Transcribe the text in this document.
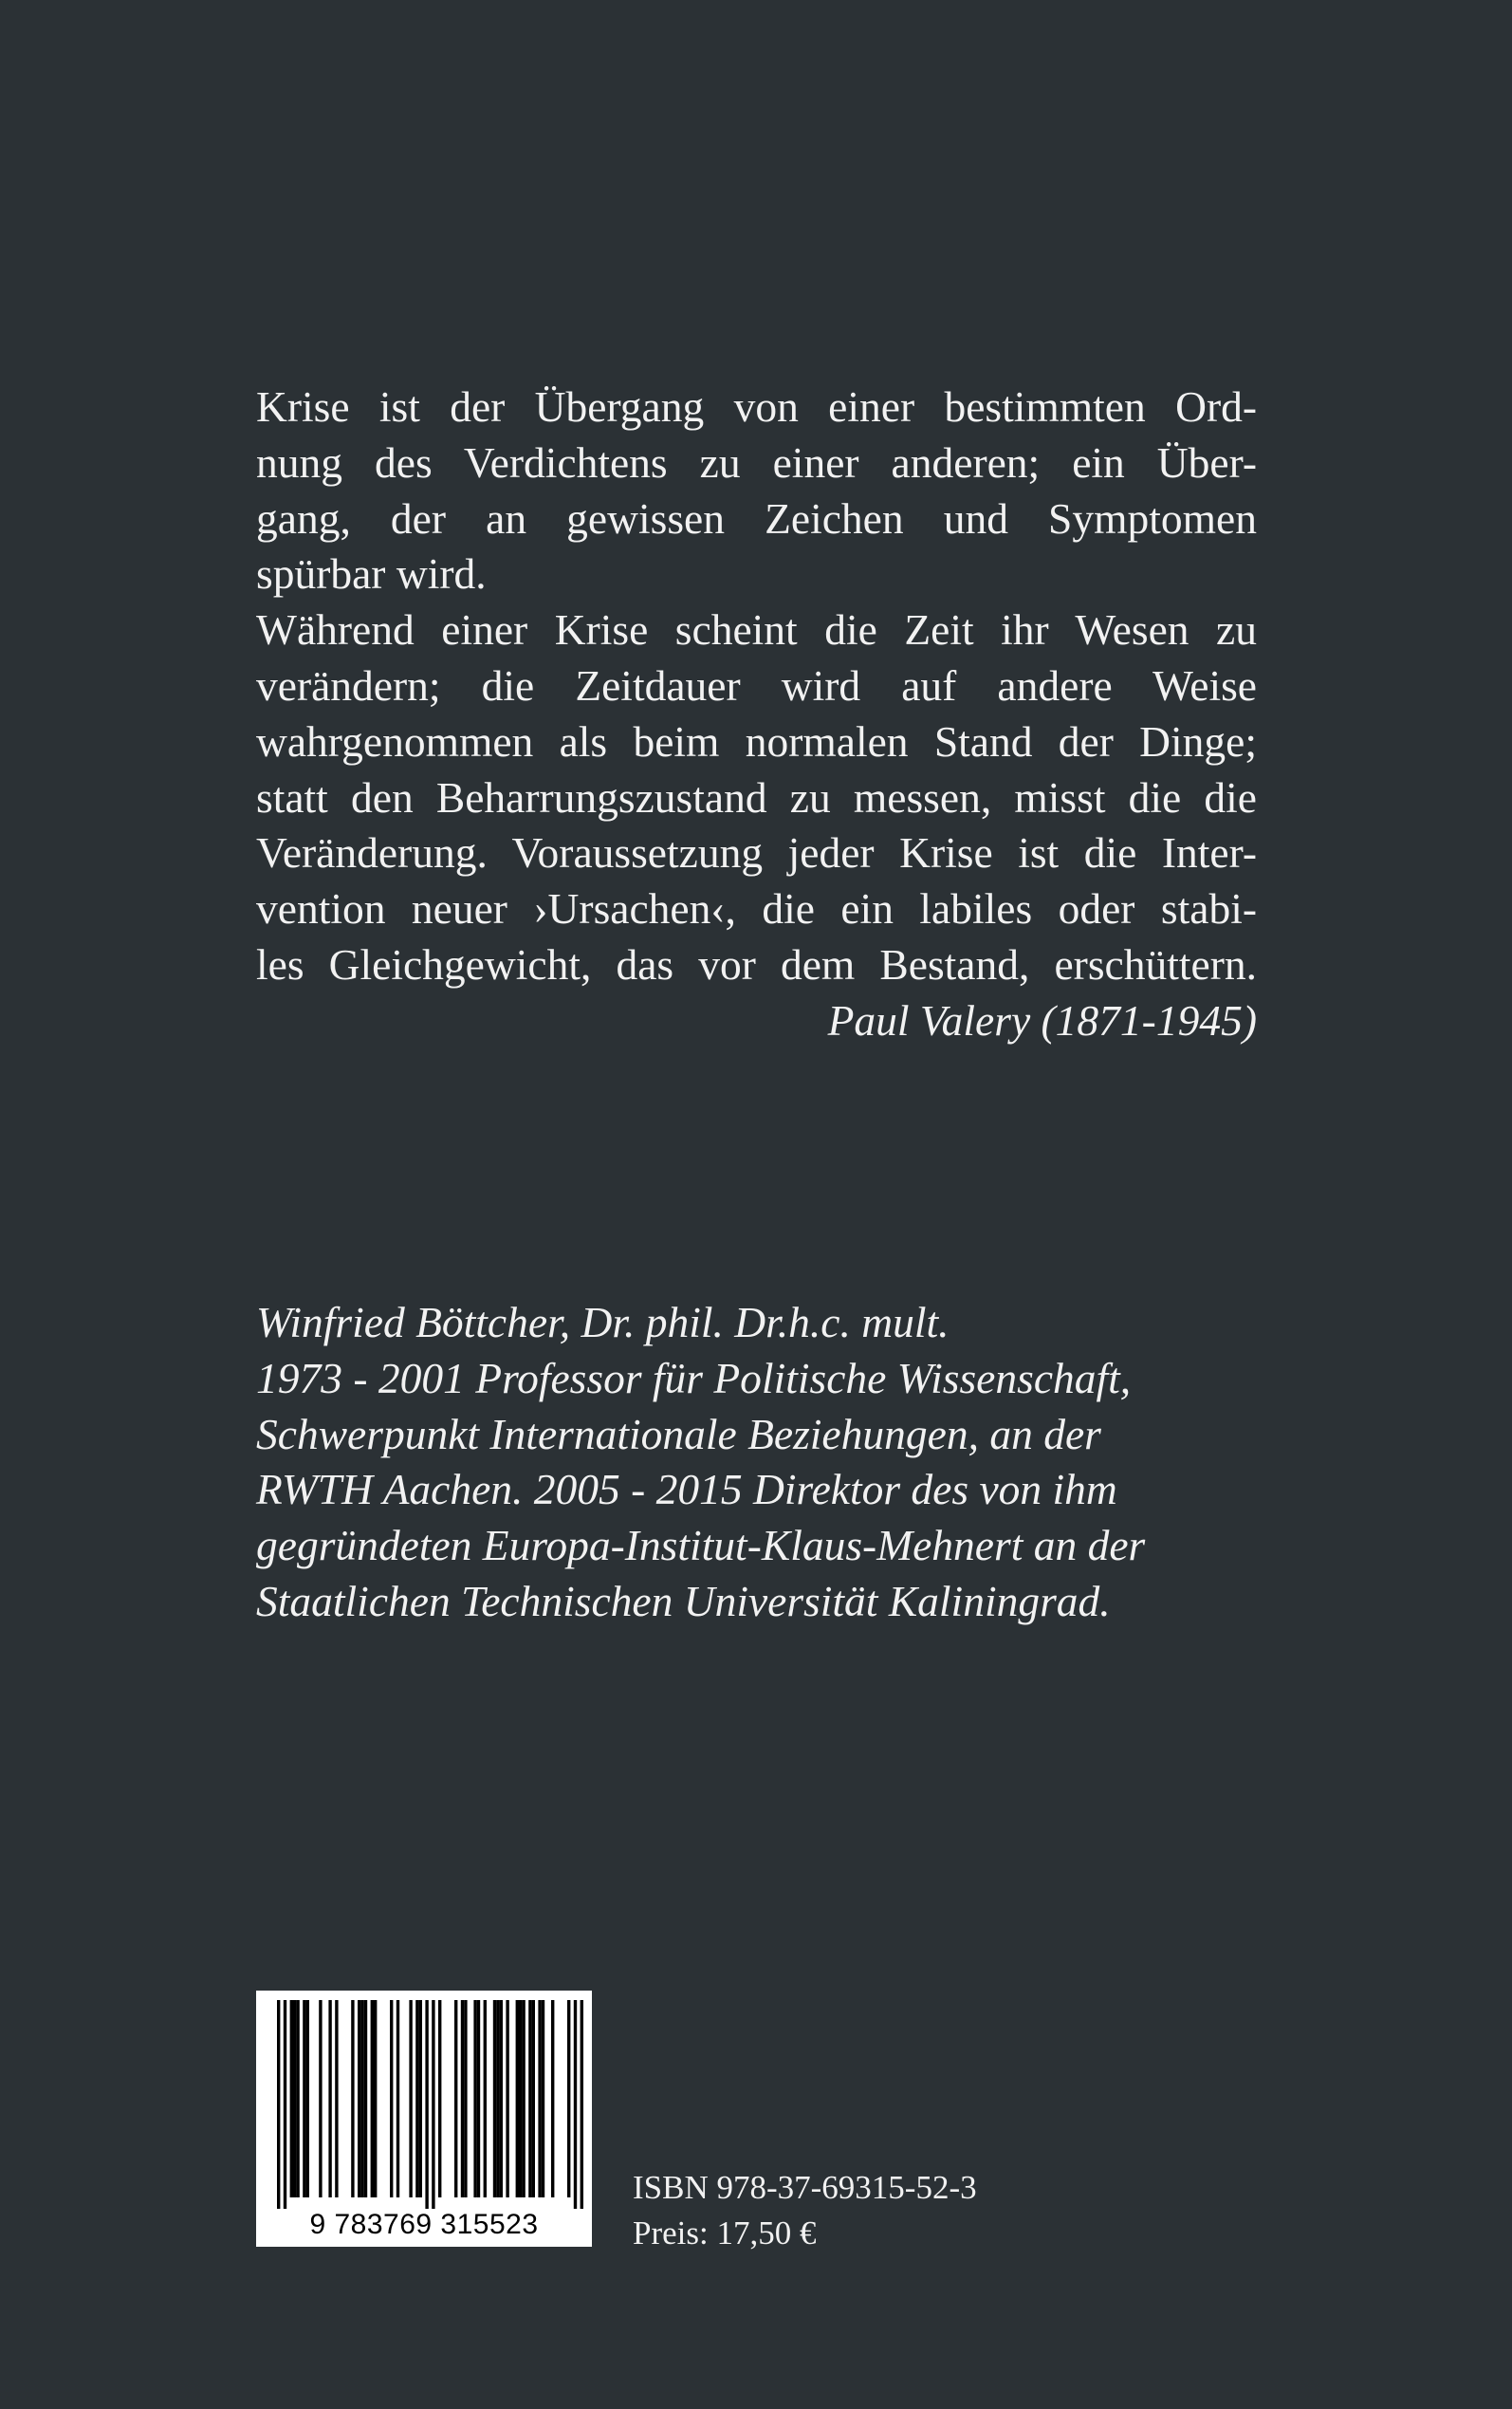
Krise ist der Übergang von einer bestimmten Ord-
nung des Verdichtens zu einer anderen; ein Über-
gang, der an gewissen Zeichen und Symptomen
spürbar wird.
Während einer Krise scheint die Zeit ihr Wesen zu
verändern; die Zeitdauer wird auf andere Weise
wahrgenommen als beim normalen Stand der Dinge;
statt den Beharrungszustand zu messen, misst die die
Veränderung. Voraussetzung jeder Krise ist die Inter-
vention neuer ›Ursachen‹, die ein labiles oder stabi-
les Gleichgewicht, das vor dem Bestand, erschüttern.
Paul Valery (1871-1945)
Winfried Böttcher, Dr. phil. Dr.h.c. mult.
1973 - 2001 Professor für Politische Wissenschaft,
Schwerpunkt Internationale Beziehungen, an der
RWTH Aachen. 2005 - 2015 Direktor des von ihm
gegründeten Europa-Institut-Klaus-Mehnert an der
Staatlichen Technischen Universität Kaliningrad.
9 783769 315523
ISBN 978-37-69315-52-3
Preis: 17,50 €
